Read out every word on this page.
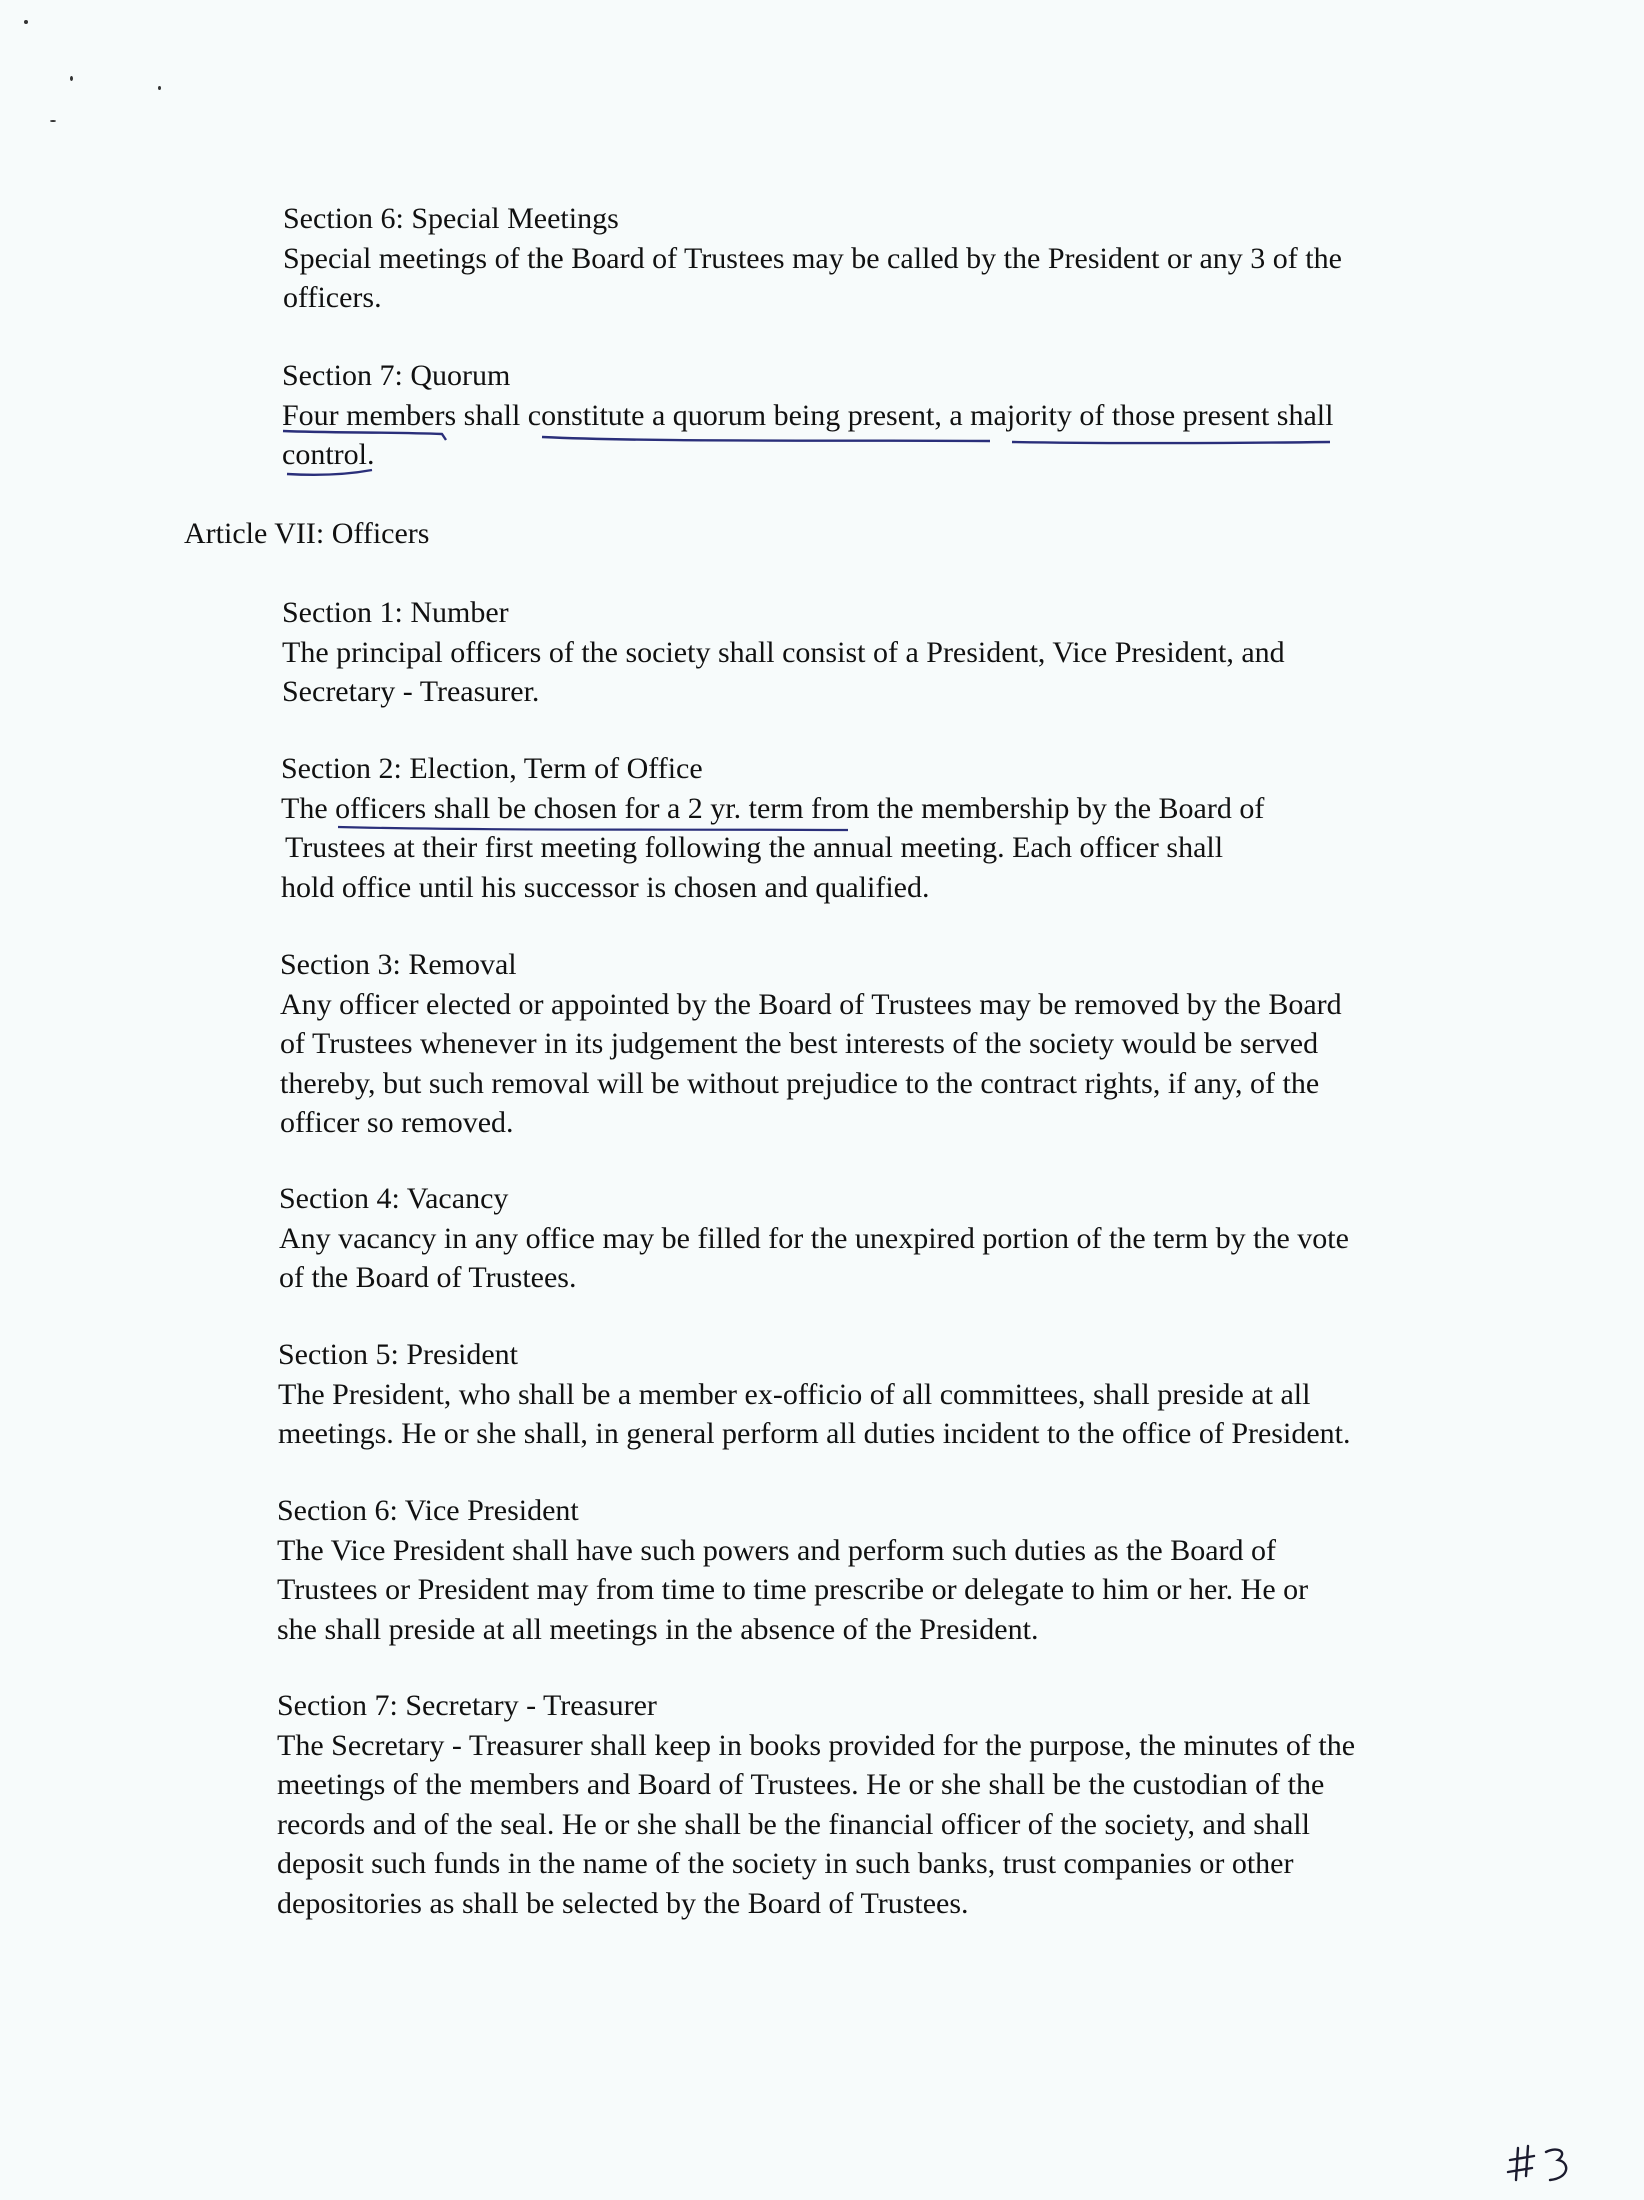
Section 6: Special Meetings
Special meetings of the Board of Trustees may be called by the President or any 3 of the
officers.
Section 7: Quorum
Four members shall constitute a quorum being present, a majority of those present shall
control.
Article VII: Officers
Section 1: Number
The principal officers of the society shall consist of a President, Vice President, and
Secretary - Treasurer.
Section 2: Election, Term of Office
The officers shall be chosen for a 2 yr. term from the membership by the Board of
Trustees at their first meeting following the annual meeting. Each officer shall
hold office until his successor is chosen and qualified.
Section 3: Removal
Any officer elected or appointed by the Board of Trustees may be removed by the Board
of Trustees whenever in its judgement the best interests of the society would be served
thereby, but such removal will be without prejudice to the contract rights, if any, of the
officer so removed.
Section 4: Vacancy
Any vacancy in any office may be filled for the unexpired portion of the term by the vote
of the Board of Trustees.
Section 5: President
The President, who shall be a member ex-officio of all committees, shall preside at all
meetings. He or she shall, in general perform all duties incident to the office of President.
Section 6: Vice President
The Vice President shall have such powers and perform such duties as the Board of
Trustees or President may from time to time prescribe or delegate to him or her. He or
she shall preside at all meetings in the absence of the President.
Section 7: Secretary - Treasurer
The Secretary - Treasurer shall keep in books provided for the purpose, the minutes of the
meetings of the members and Board of Trustees. He or she shall be the custodian of the
records and of the seal. He or she shall be the financial officer of the society, and shall
deposit such funds in the name of the society in such banks, trust companies or other
depositories as shall be selected by the Board of Trustees.
